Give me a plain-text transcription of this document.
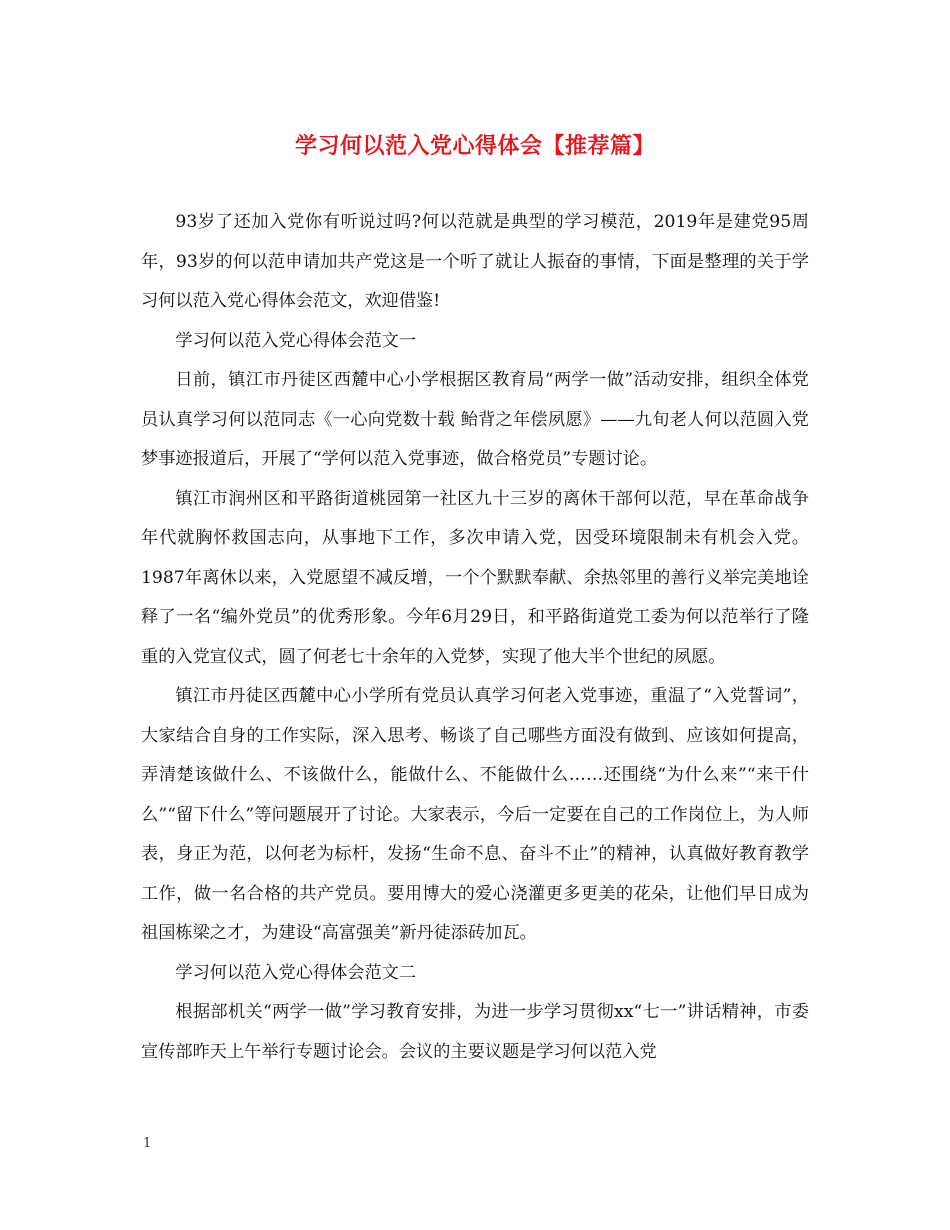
学习何以范入党心得体会【推荐篇】

93岁了还加入党你有听说过吗?何以范就是典型的学习模范，2019年是建党95周年，93岁的何以范申请加共产党这是一个听了就让人振奋的事情，下面是整理的关于学习何以范入党心得体会范文，欢迎借鉴!

学习何以范入党心得体会范文一

日前，镇江市丹徒区西麓中心小学根据区教育局“两学一做”活动安排，组织全体党员认真学习何以范同志《一心向党数十载 鲐背之年偿夙愿》——九旬老人何以范圆入党梦事迹报道后，开展了“学何以范入党事迹，做合格党员”专题讨论。

镇江市润州区和平路街道桃园第一社区九十三岁的离休干部何以范，早在革命战争年代就胸怀救国志向，从事地下工作，多次申请入党，因受环境限制未有机会入党。1987年离休以来，入党愿望不减反增，一个个默默奉献、余热邻里的善行义举完美地诠释了一名“编外党员”的优秀形象。今年6月29日，和平路街道党工委为何以范举行了隆重的入党宣仪式，圆了何老七十余年的入党梦，实现了他大半个世纪的夙愿。

镇江市丹徒区西麓中心小学所有党员认真学习何老入党事迹，重温了“入党誓词”，大家结合自身的工作实际，深入思考、畅谈了自己哪些方面没有做到、应该如何提高，弄清楚该做什么、不该做什么，能做什么、不能做什么……还围绕“为什么来”“来干什么”“留下什么”等问题展开了讨论。大家表示，今后一定要在自己的工作岗位上，为人师表，身正为范，以何老为标杆，发扬“生命不息、奋斗不止”的精神，认真做好教育教学工作，做一名合格的共产党员。要用博大的爱心浇灌更多更美的花朵，让他们早日成为祖国栋梁之才，为建设“高富强美”新丹徒添砖加瓦。

学习何以范入党心得体会范文二

根据部机关“两学一做”学习教育安排，为进一步学习贯彻xx“七一”讲话精神，市委宣传部昨天上午举行专题讨论会。会议的主要议题是学习何以范入党

1
